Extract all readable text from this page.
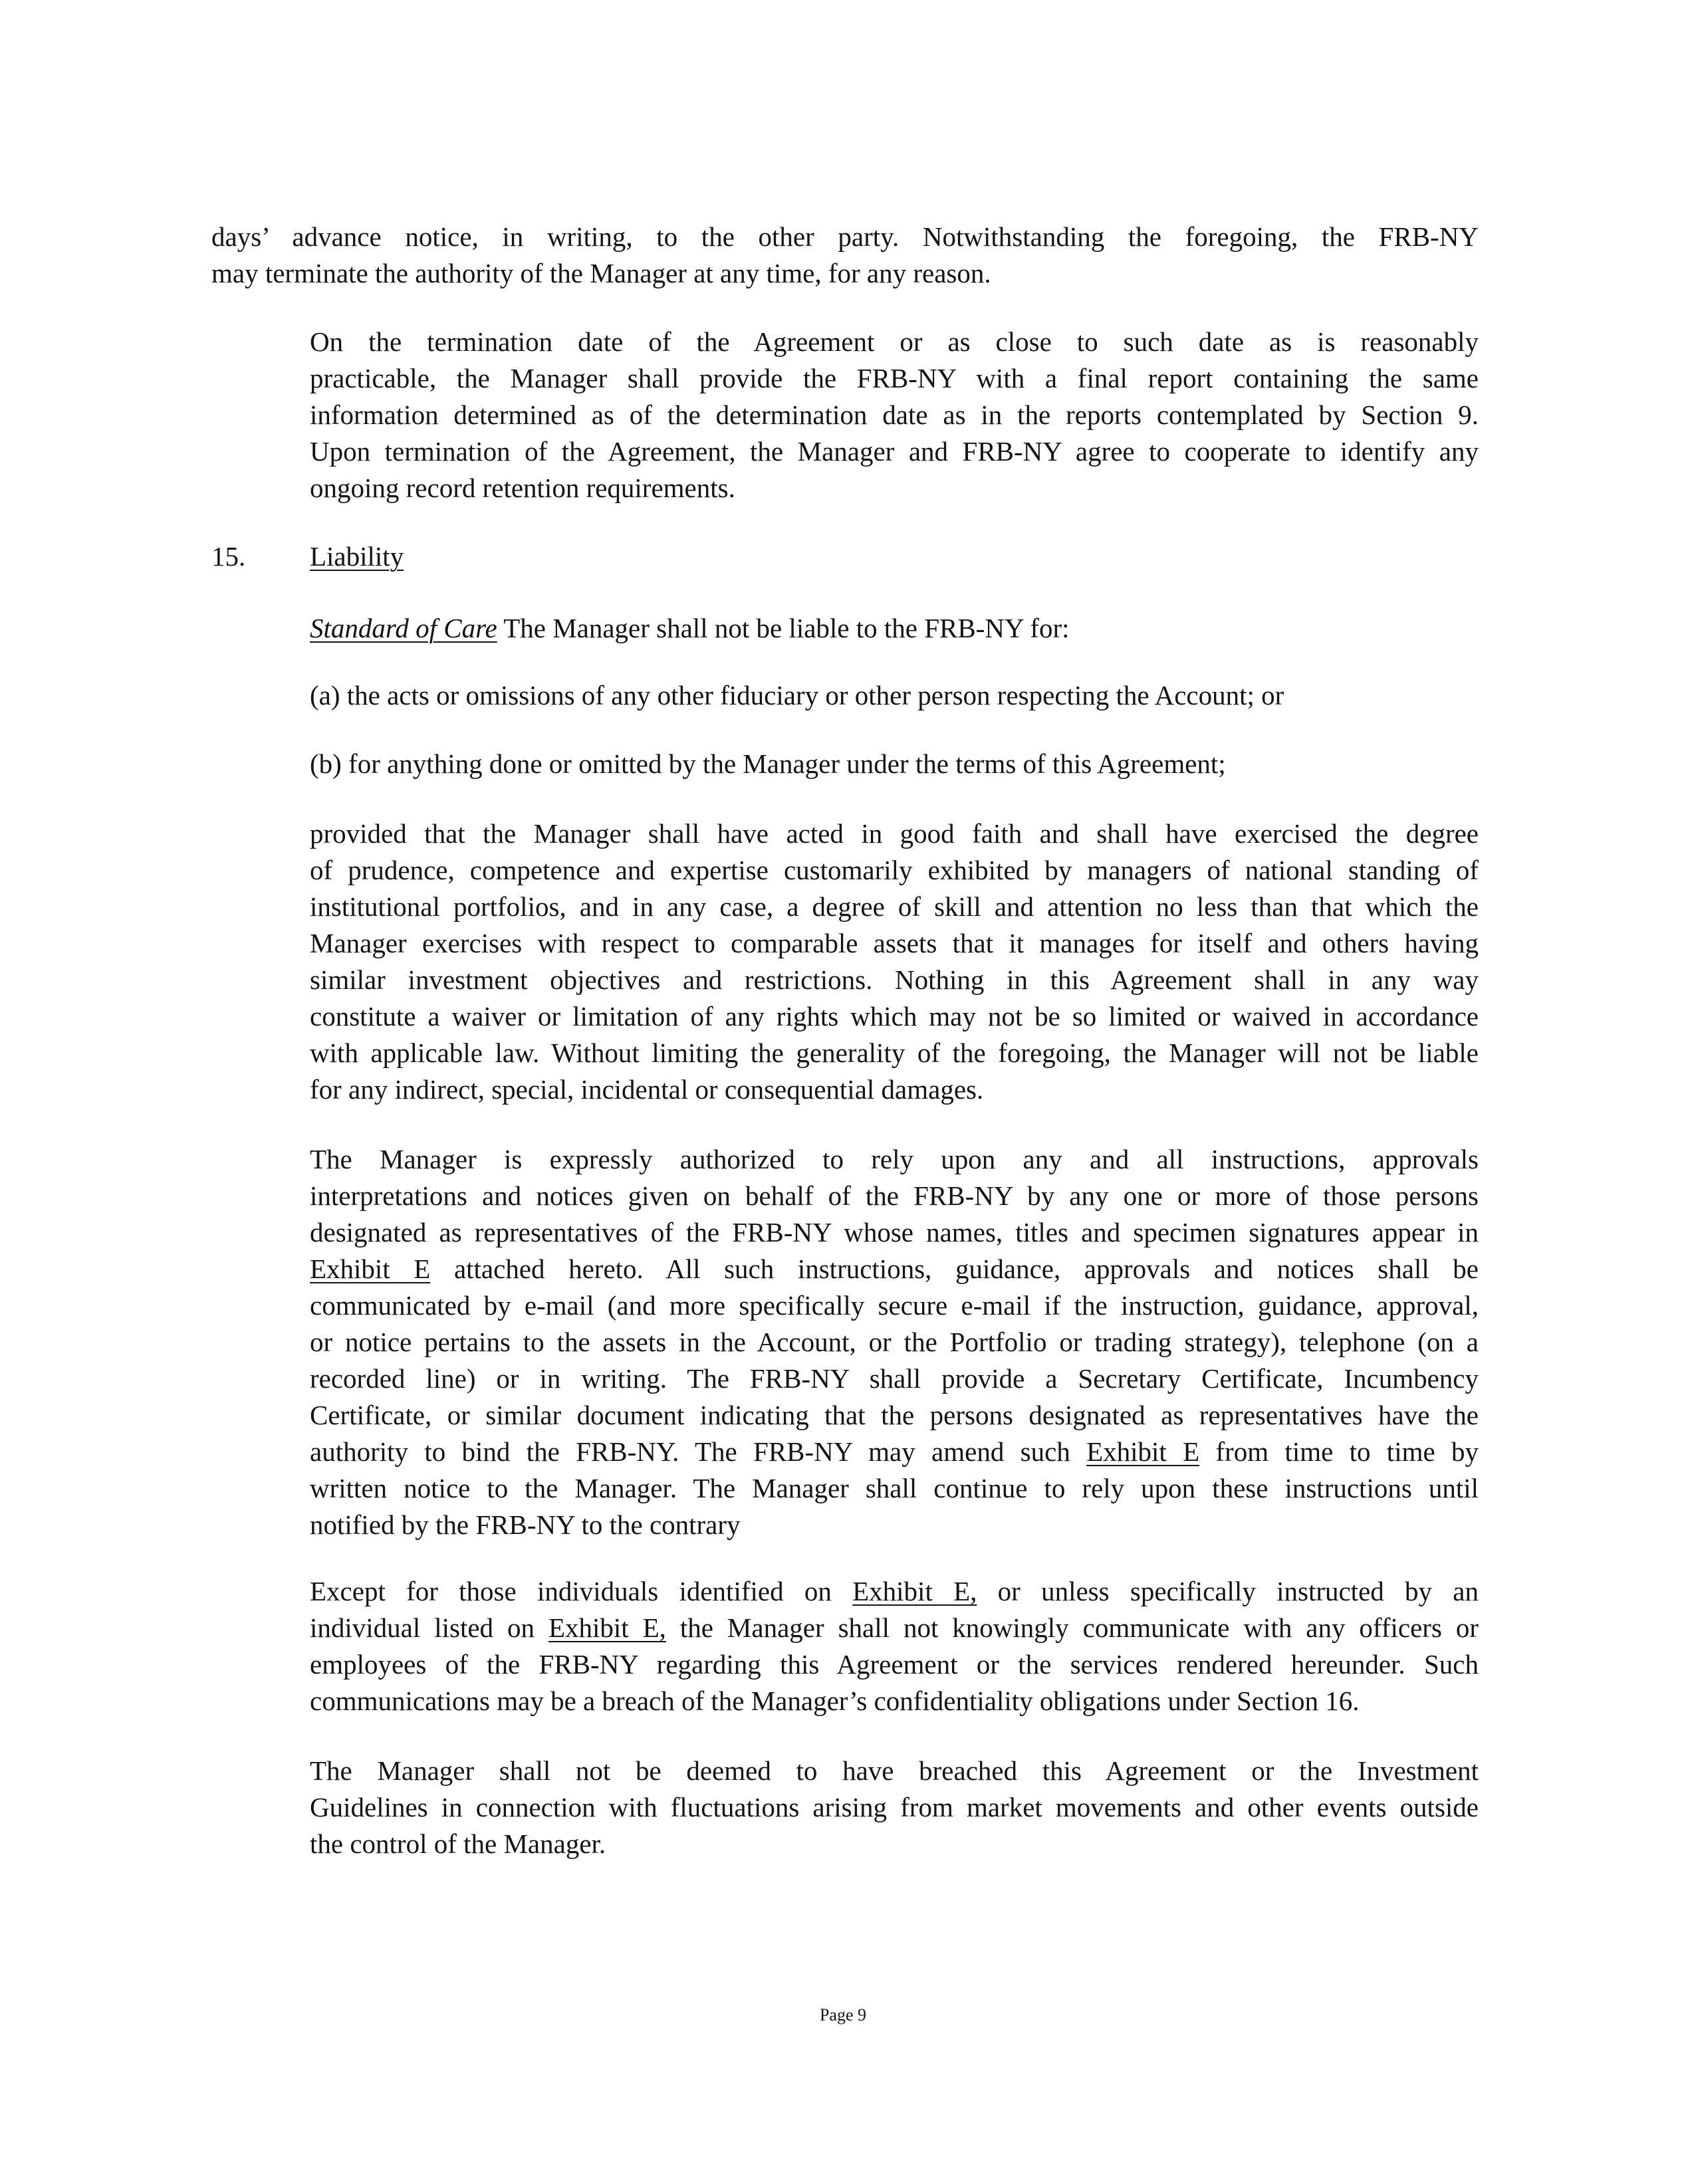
days’ advance notice, in writing, to the other party. Notwithstanding the foregoing, the FRB-NY
may terminate the authority of the Manager at any time, for any reason.
On the termination date of the Agreement or as close to such date as is reasonably
practicable, the Manager shall provide the FRB-NY with a final report containing the same
information determined as of the determination date as in the reports contemplated by Section 9.
Upon termination of the Agreement, the Manager and FRB-NY agree to cooperate to identify any
ongoing record retention requirements.
15. Liability
Standard of Care The Manager shall not be liable to the FRB-NY for:
(a) the acts or omissions of any other fiduciary or other person respecting the Account; or
(b) for anything done or omitted by the Manager under the terms of this Agreement;
provided that the Manager shall have acted in good faith and shall have exercised the degree
of prudence, competence and expertise customarily exhibited by managers of national standing of
institutional portfolios, and in any case, a degree of skill and attention no less than that which the
Manager exercises with respect to comparable assets that it manages for itself and others having
similar investment objectives and restrictions. Nothing in this Agreement shall in any way
constitute a waiver or limitation of any rights which may not be so limited or waived in accordance
with applicable law. Without limiting the generality of the foregoing, the Manager will not be liable
for any indirect, special, incidental or consequential damages.
The Manager is expressly authorized to rely upon any and all instructions, approvals
interpretations and notices given on behalf of the FRB-NY by any one or more of those persons
designated as representatives of the FRB-NY whose names, titles and specimen signatures appear in
Exhibit E attached hereto. All such instructions, guidance, approvals and notices shall be
communicated by e-mail (and more specifically secure e-mail if the instruction, guidance, approval,
or notice pertains to the assets in the Account, or the Portfolio or trading strategy), telephone (on a
recorded line) or in writing. The FRB-NY shall provide a Secretary Certificate, Incumbency
Certificate, or similar document indicating that the persons designated as representatives have the
authority to bind the FRB-NY. The FRB-NY may amend such Exhibit E from time to time by
written notice to the Manager. The Manager shall continue to rely upon these instructions until
notified by the FRB-NY to the contrary
Except for those individuals identified on Exhibit E, or unless specifically instructed by an
individual listed on Exhibit E, the Manager shall not knowingly communicate with any officers or
employees of the FRB-NY regarding this Agreement or the services rendered hereunder. Such
communications may be a breach of the Manager’s confidentiality obligations under Section 16.
The Manager shall not be deemed to have breached this Agreement or the Investment
Guidelines in connection with fluctuations arising from market movements and other events outside
the control of the Manager.
Page 9
